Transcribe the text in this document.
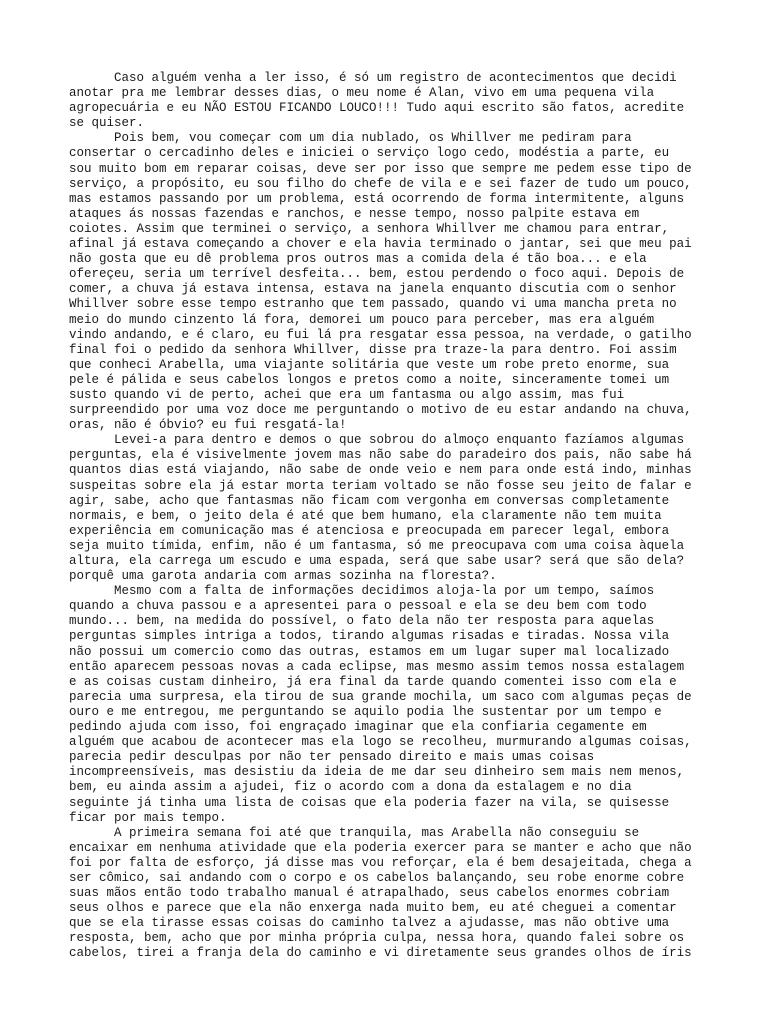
Caso alguém venha a ler isso, é só um registro de acontecimentos que decidi
anotar pra me lembrar desses dias, o meu nome é Alan, vivo em uma pequena vila
agropecuária e eu NÃO ESTOU FICANDO LOUCO!!! Tudo aqui escrito são fatos, acredite
se quiser.

Pois bem, vou começar com um dia nublado, os Whillver me pediram para
consertar o cercadinho deles e iniciei o serviço logo cedo, modéstia a parte, eu
sou muito bom em reparar coisas, deve ser por isso que sempre me pedem esse tipo de
serviço, a propósito, eu sou filho do chefe de vila e e sei fazer de tudo um pouco,
mas estamos passando por um problema, está ocorrendo de forma intermitente, alguns
ataques ás nossas fazendas e ranchos, e nesse tempo, nosso palpite estava em
coiotes. Assim que terminei o serviço, a senhora Whillver me chamou para entrar,
afinal já estava começando a chover e ela havia terminado o jantar, sei que meu pai
não gosta que eu dê problema pros outros mas a comida dela é tão boa... e ela
ofereçeu, seria um terrível desfeita... bem, estou perdendo o foco aqui. Depois de
comer, a chuva já estava intensa, estava na janela enquanto discutia com o senhor
Whillver sobre esse tempo estranho que tem passado, quando vi uma mancha preta no
meio do mundo cinzento lá fora, demorei um pouco para perceber, mas era alguém
vindo andando, e é claro, eu fui lá pra resgatar essa pessoa, na verdade, o gatilho
final foi o pedido da senhora Whillver, disse pra traze-la para dentro. Foi assim
que conheci Arabella, uma viajante solitária que veste um robe preto enorme, sua
pele é pálida e seus cabelos longos e pretos como a noite, sinceramente tomei um
susto quando vi de perto, achei que era um fantasma ou algo assim, mas fui
surpreendido por uma voz doce me perguntando o motivo de eu estar andando na chuva,
oras, não é óbvio? eu fui resgatá-la!

Levei-a para dentro e demos o que sobrou do almoço enquanto fazíamos algumas
perguntas, ela é visivelmente jovem mas não sabe do paradeiro dos pais, não sabe há
quantos dias está viajando, não sabe de onde veio e nem para onde está indo, minhas
suspeitas sobre ela já estar morta teriam voltado se não fosse seu jeito de falar e
agir, sabe, acho que fantasmas não ficam com vergonha em conversas completamente
normais, e bem, o jeito dela é até que bem humano, ela claramente não tem muita
experiência em comunicação mas é atenciosa e preocupada em parecer legal, embora
seja muito tímida, enfim, não é um fantasma, só me preocupava com uma coisa àquela
altura, ela carrega um escudo e uma espada, será que sabe usar? será que são dela?
porquê uma garota andaria com armas sozinha na floresta?.

Mesmo com a falta de informações decidimos aloja-la por um tempo, saímos
quando a chuva passou e a apresentei para o pessoal e ela se deu bem com todo
mundo... bem, na medida do possível, o fato dela não ter resposta para aquelas
perguntas simples intriga a todos, tirando algumas risadas e tiradas. Nossa vila
não possui um comercio como das outras, estamos em um lugar super mal localizado
então aparecem pessoas novas a cada eclipse, mas mesmo assim temos nossa estalagem
e as coisas custam dinheiro, já era final da tarde quando comentei isso com ela e
parecia uma surpresa, ela tirou de sua grande mochila, um saco com algumas peças de
ouro e me entregou, me perguntando se aquilo podia lhe sustentar por um tempo e
pedindo ajuda com isso, foi engraçado imaginar que ela confiaria cegamente em
alguém que acabou de acontecer mas ela logo se recolheu, murmurando algumas coisas,
parecia pedir desculpas por não ter pensado direito e mais umas coisas
incompreensíveis, mas desistiu da ideia de me dar seu dinheiro sem mais nem menos,
bem, eu ainda assim a ajudei, fiz o acordo com a dona da estalagem e no dia
seguinte já tinha uma lista de coisas que ela poderia fazer na vila, se quisesse
ficar por mais tempo.

A primeira semana foi até que tranquila, mas Arabella não conseguiu se
encaixar em nenhuma atividade que ela poderia exercer para se manter e acho que não
foi por falta de esforço, já disse mas vou reforçar, ela é bem desajeitada, chega a
ser cômico, sai andando com o corpo e os cabelos balançando, seu robe enorme cobre
suas mãos então todo trabalho manual é atrapalhado, seus cabelos enormes cobriam
seus olhos e parece que ela não enxerga nada muito bem, eu até cheguei a comentar
que se ela tirasse essas coisas do caminho talvez a ajudasse, mas não obtive uma
resposta, bem, acho que por minha própria culpa, nessa hora, quando falei sobre os
cabelos, tirei a franja dela do caminho e vi diretamente seus grandes olhos de íris
